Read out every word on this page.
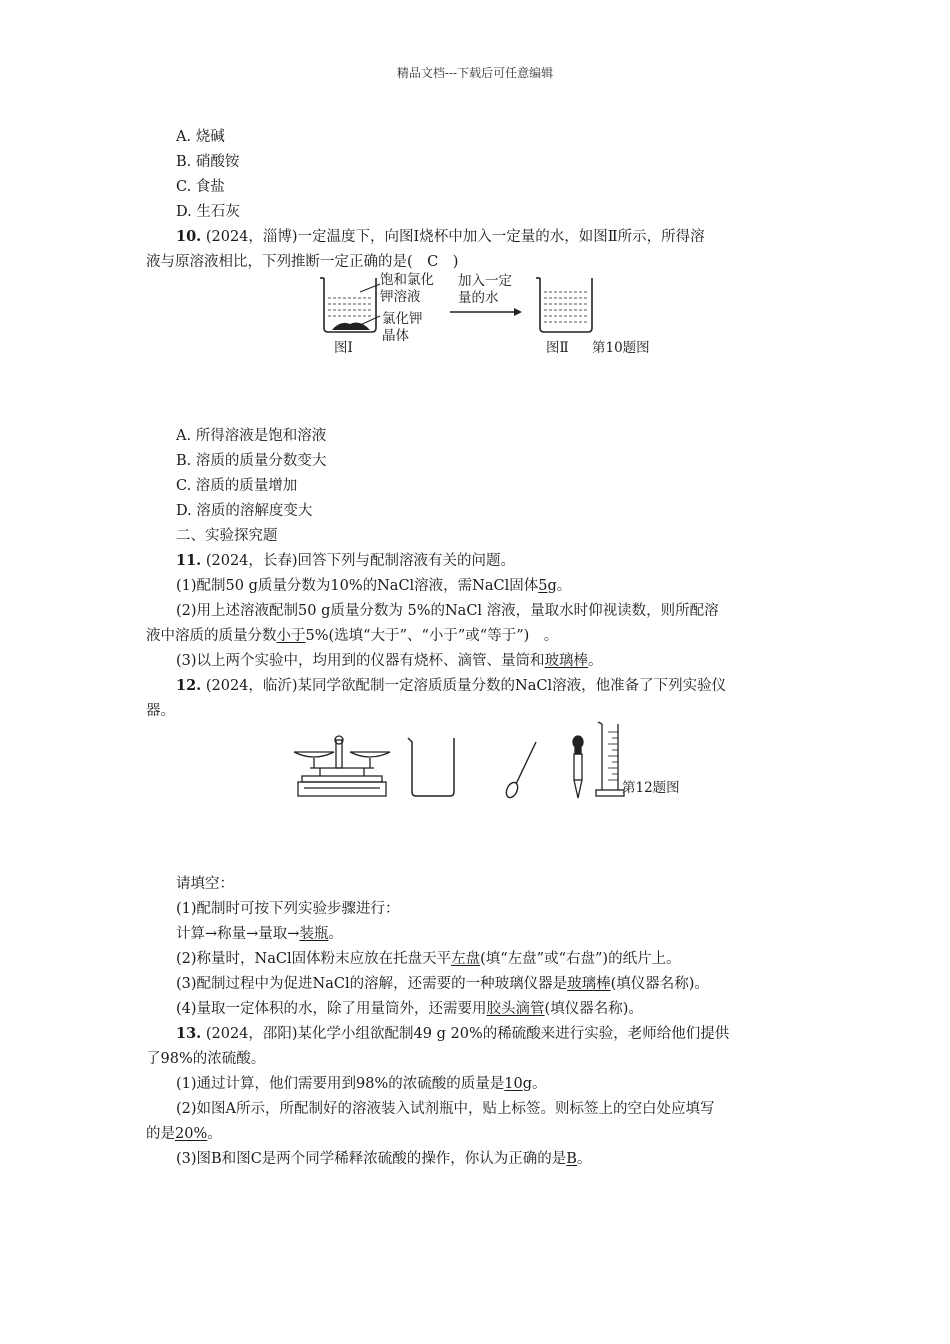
精品文档---下载后可任意编辑
A. 烧碱
B. 硝酸铵
C. 食盐
D. 生石灰
10. (2024，淄博)一定温度下，向图Ⅰ烧杯中加入一定量的水，如图Ⅱ所示，所得溶
液与原溶液相比，下列推断一定正确的是(　C　)
饱和氯化
钾溶液
氯化钾
晶体
加入一定
量的水
图Ⅰ	图Ⅱ 第10题图
A. 所得溶液是饱和溶液
B. 溶质的质量分数变大
C. 溶质的质量增加
D. 溶质的溶解度变大
二、实验探究题
11. (2024，长春)回答下列与配制溶液有关的问题。
(1)配制50 g质量分数为10%的NaCl溶液，需NaCl固体5g。
(2)用上述溶液配制50 g质量分数为 5%的NaCl 溶液，量取水时仰视读数，则所配溶
液中溶质的质量分数小于5%(选填“大于”、“小于”或“等于”)　。
(3)以上两个实验中，均用到的仪器有烧杯、滴管、量筒和玻璃棒。
12. (2024，临沂)某同学欲配制一定溶质质量分数的NaCl溶液，他准备了下列实验仪
器。
第12题图
请填空：
(1)配制时可按下列实验步骤进行：
计算→称量→量取→装瓶。
(2)称量时，NaCl固体粉末应放在托盘天平左盘(填“左盘”或“右盘”)的纸片上。
(3)配制过程中为促进NaCl的溶解，还需要的一种玻璃仪器是玻璃棒(填仪器名称)。
(4)量取一定体积的水，除了用量筒外，还需要用胶头滴管(填仪器名称)。
13. (2024，邵阳)某化学小组欲配制49 g 20%的稀硫酸来进行实验，老师给他们提供
了98%的浓硫酸。
(1)通过计算，他们需要用到98%的浓硫酸的质量是10g。
(2)如图A所示，所配制好的溶液装入试剂瓶中，贴上标签。则标签上的空白处应填写
的是20%。
(3)图B和图C是两个同学稀释浓硫酸的操作，你认为正确的是B。
